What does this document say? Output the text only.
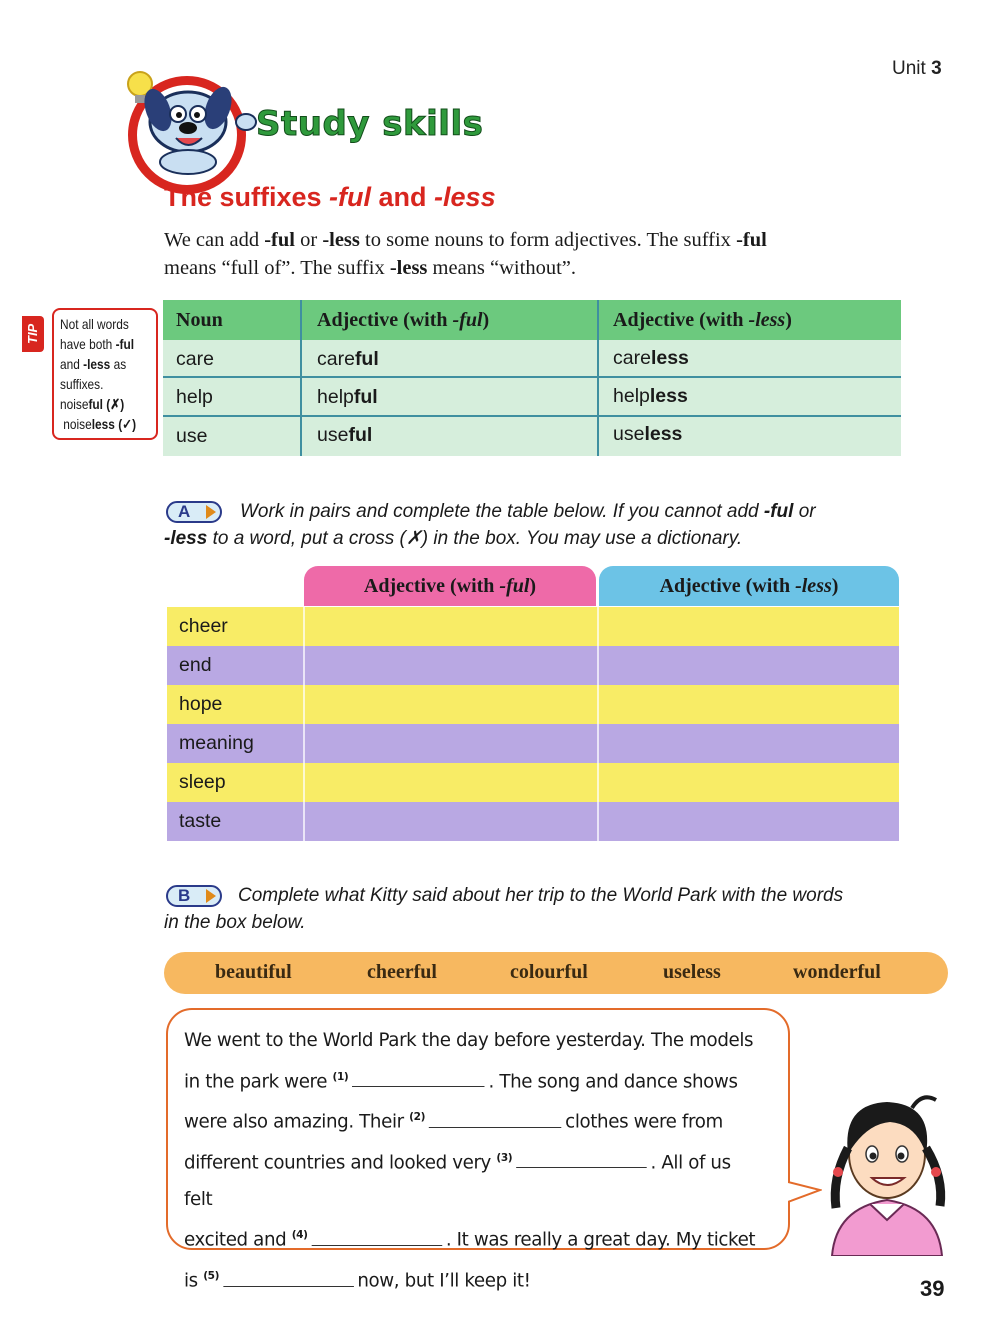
Unit 3
Study skills
The suffixes -ful and -less
We can add -ful or -less to some nouns to form adjectives. The suffix -ful
means “full of”. The suffix -less means “without”.
TIP Not all words
have both -ful
and -less as
suffixes.
noiseful (✗)
noiseless (✓)
Noun	Adjective (with -ful)	Adjective (with -less)
care	careful	careless
help	helpful	helpless
use	useful	useless
A	Work in pairs and complete the table below. If you cannot add -ful or
-less to a word, put a cross (✗) in the box. You may use a dictionary.
Adjective (with -ful)	Adjective (with -less)
cheer
end
hope
meaning
sleep
taste
B	Complete what Kitty said about her trip to the World Park with the words
in the box below.
beautiful	cheerful	colourful	useless	wonderful
We went to the World Park the day before yesterday. The models
in the park were $^{(1)}$	. The song and dance shows
were also amazing. Their $^{(2)}$	clothes were from
different countries and looked very $^{(3)}$	. All of us felt
excited and $^{(4)}$	. It was really a great day. My ticket
is $^{(5)}$	now, but I’ll keep it!	39
